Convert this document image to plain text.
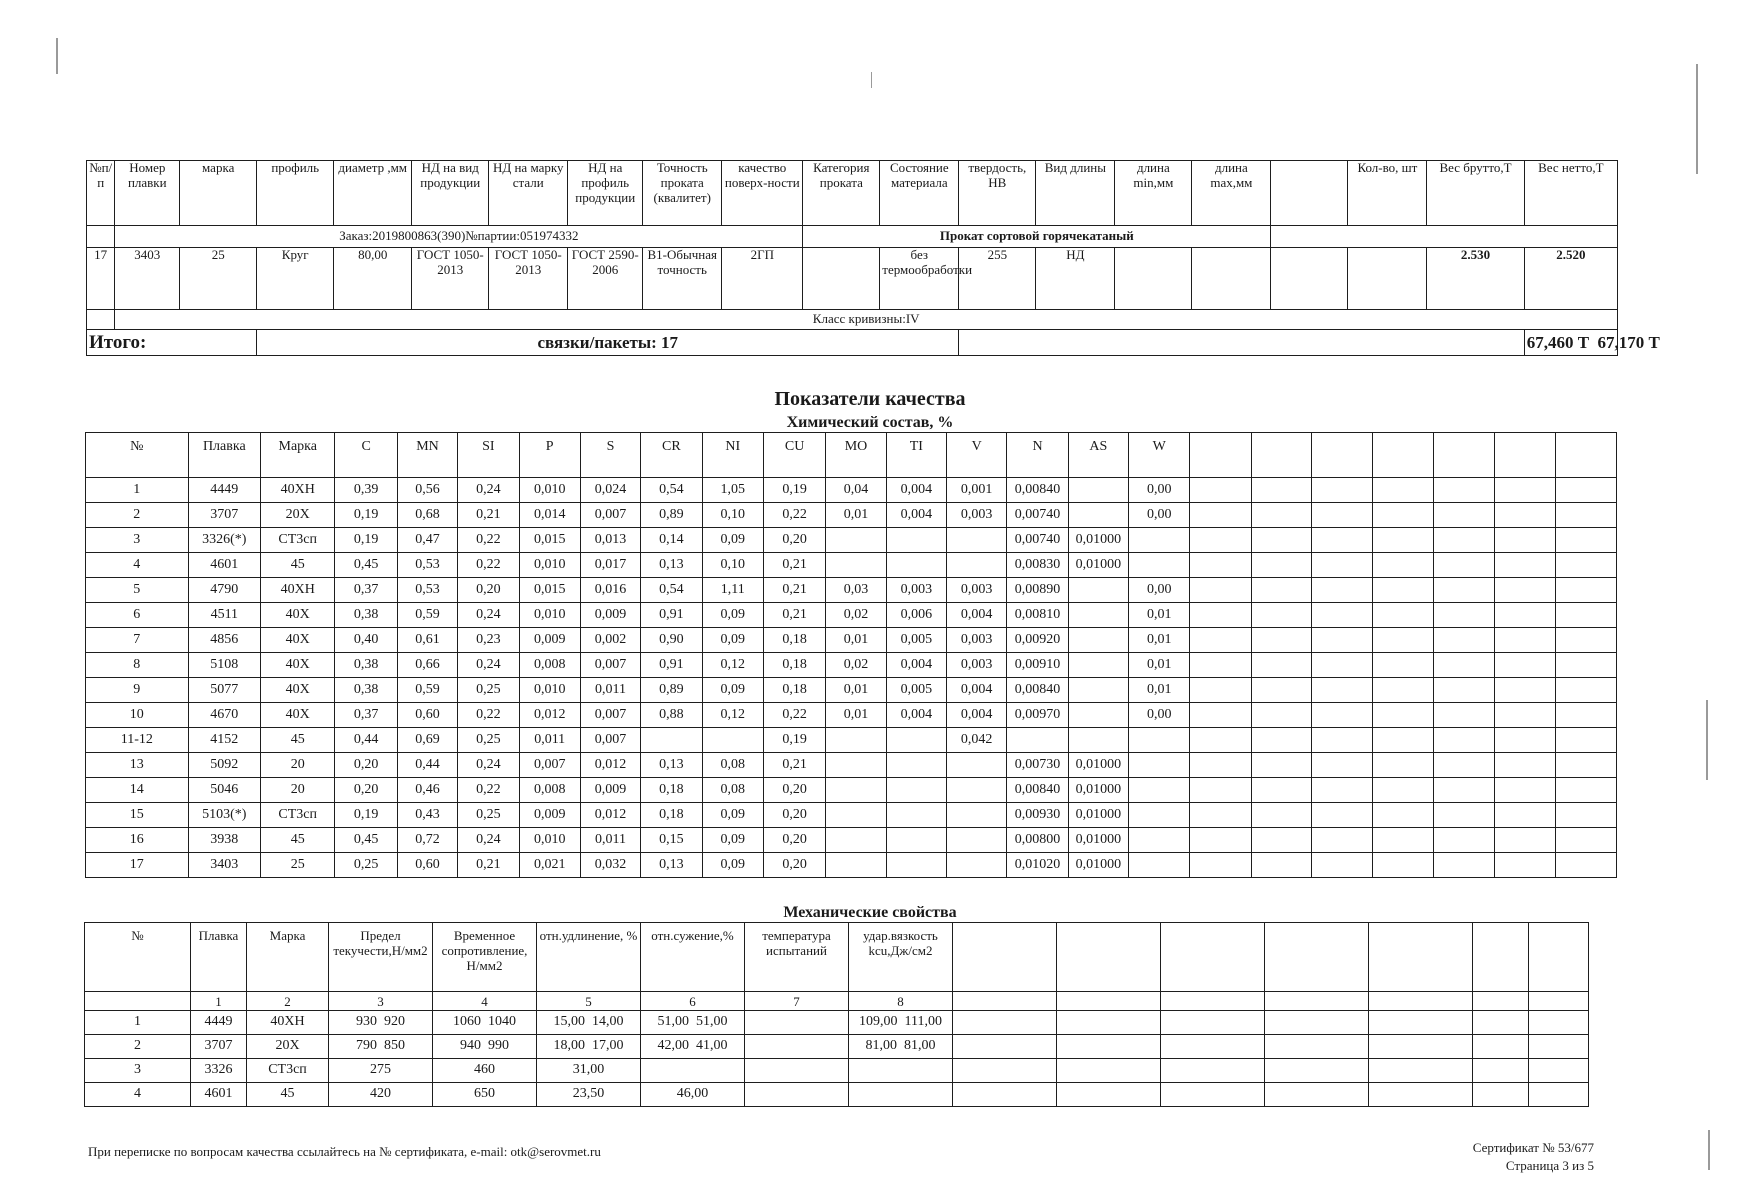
№п/п	Номер плавки	марка	профиль	диаметр ,мм	НД на вид продукции	НД на марку стали	НД на профиль продукции	Точность проката (квалитет)	качество поверх-ности	Категория проката	Состояние материала	твердость, НВ	Вид длины	длина min,мм	длина max,мм		Кол-во, шт	Вес брутто,Т	Вес нетто,Т
	Заказ:2019800863(390)№партии:051974332									Прокат сортовой горячекатаный									
17	3403	25	Круг	80,00	ГОСТ 1050-2013	ГОСТ 1050-2013	ГОСТ 2590-2006	В1-Обычная точность	2ГП		без термообработки	255	НД					2.530	2.520
	Класс кривизны:IV																		
Итого:			связки/пакеты: 17																67,460 Т 67,170 Т
Показатели качества
Химический состав, %
№	Плавка	Марка	C	MN	SI	P	S	CR	NI	CU	MO	TI	V	N	AS	W							
1	4449	40ХН	0,39	0,56	0,24	0,010	0,024	0,54	1,05	0,19	0,04	0,004	0,001	0,00840		0,00							
2	3707	20Х	0,19	0,68	0,21	0,014	0,007	0,89	0,10	0,22	0,01	0,004	0,003	0,00740		0,00							
3	3326(*)	СТ3сп	0,19	0,47	0,22	0,015	0,013	0,14	0,09	0,20				0,00740	0,01000								
4	4601	45	0,45	0,53	0,22	0,010	0,017	0,13	0,10	0,21				0,00830	0,01000								
5	4790	40ХН	0,37	0,53	0,20	0,015	0,016	0,54	1,11	0,21	0,03	0,003	0,003	0,00890		0,00							
6	4511	40Х	0,38	0,59	0,24	0,010	0,009	0,91	0,09	0,21	0,02	0,006	0,004	0,00810		0,01							
7	4856	40Х	0,40	0,61	0,23	0,009	0,002	0,90	0,09	0,18	0,01	0,005	0,003	0,00920		0,01							
8	5108	40Х	0,38	0,66	0,24	0,008	0,007	0,91	0,12	0,18	0,02	0,004	0,003	0,00910		0,01							
9	5077	40Х	0,38	0,59	0,25	0,010	0,011	0,89	0,09	0,18	0,01	0,005	0,004	0,00840		0,01							
10	4670	40Х	0,37	0,60	0,22	0,012	0,007	0,88	0,12	0,22	0,01	0,004	0,004	0,00970		0,00							
11-12	4152	45	0,44	0,69	0,25	0,011	0,007			0,19			0,042										
13	5092	20	0,20	0,44	0,24	0,007	0,012	0,13	0,08	0,21				0,00730	0,01000								
14	5046	20	0,20	0,46	0,22	0,008	0,009	0,18	0,08	0,20				0,00840	0,01000								
15	5103(*)	СТ3сп	0,19	0,43	0,25	0,009	0,012	0,18	0,09	0,20				0,00930	0,01000								
16	3938	45	0,45	0,72	0,24	0,010	0,011	0,15	0,09	0,20				0,00800	0,01000								
17	3403	25	0,25	0,60	0,21	0,021	0,032	0,13	0,09	0,20				0,01020	0,01000								
Механические свойства
№	Плавка	Марка	Предел текучести,Н/мм2	Временное сопротивление, Н/мм2	отн.удлинение, %	отн.сужение,%	температура испытаний	удар.вязкость kcu,Дж/см2							
	1	2	3	4	5	6	7	8							
1	4449	40ХН	930  920	1060  1040	15,00  14,00	51,00  51,00		109,00  111,00							
2	3707	20Х	790  850	940  990	18,00  17,00	42,00  41,00		81,00  81,00							
3	3326	СТ3сп	275	460	31,00										
4	4601	45	420	650	23,50	46,00									
При переписке по вопросам качества ссылайтесь на № сертификата, e-mail: otk@serovmet.ru	Сертификат № 53/677
Страница 3 из 5
